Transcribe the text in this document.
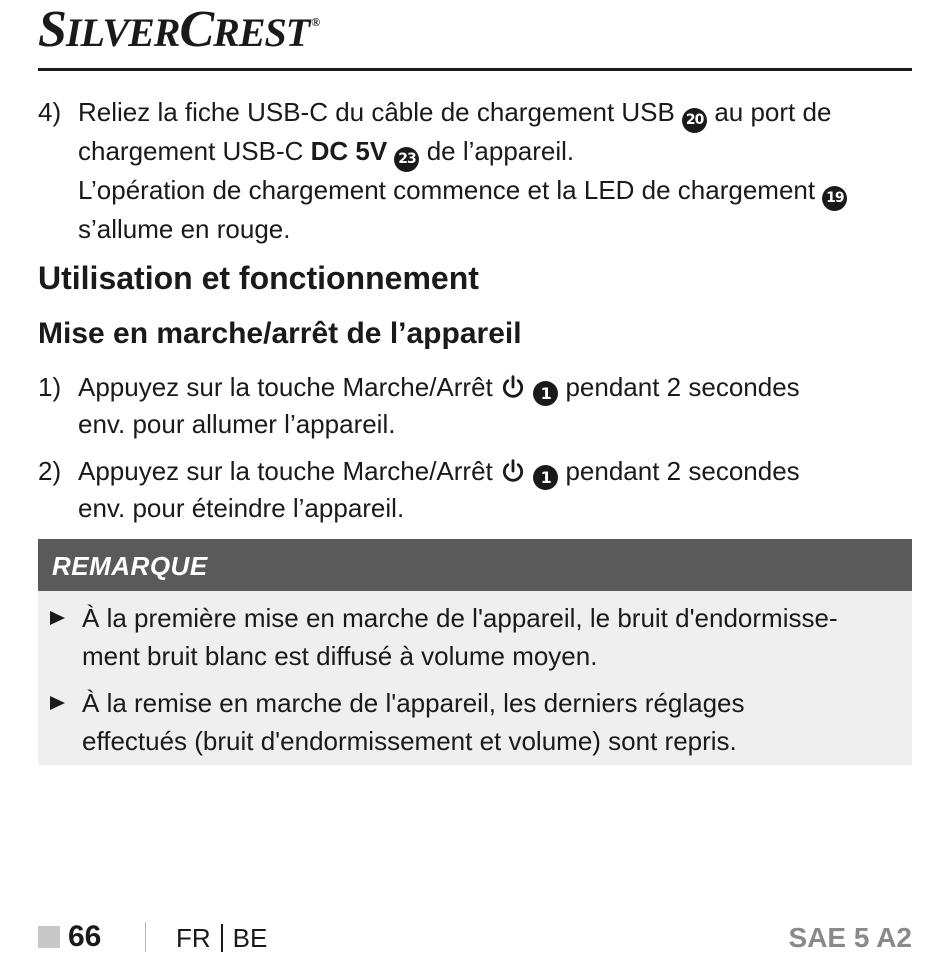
SILVERCREST ®
4) Reliez la fiche USB-C du câble de chargement USB 20 au port de
chargement USB-C DC 5V 23 de l’appareil.
L’opération de chargement commence et la LED de chargement 19
s’allume en rouge.
Utilisation et fonctionnement
Mise en marche/arrêt de l’appareil
1) Appuyez sur la touche Marche/Arrêt	1 pendant 2 secondes
env. pour allumer l’appareil.
2) Appuyez sur la touche Marche/Arrêt	1 pendant 2 secondes
env. pour éteindre l’appareil.
REMARQUE
À la première mise en marche de l'appareil, le bruit d'endormisse-
ment bruit blanc est diffusé à volume moyen.
À la remise en marche de l'appareil, les derniers réglages
effectués (bruit d'endormissement et volume) sont repris.
66	FR BE	SAE 5 A2
